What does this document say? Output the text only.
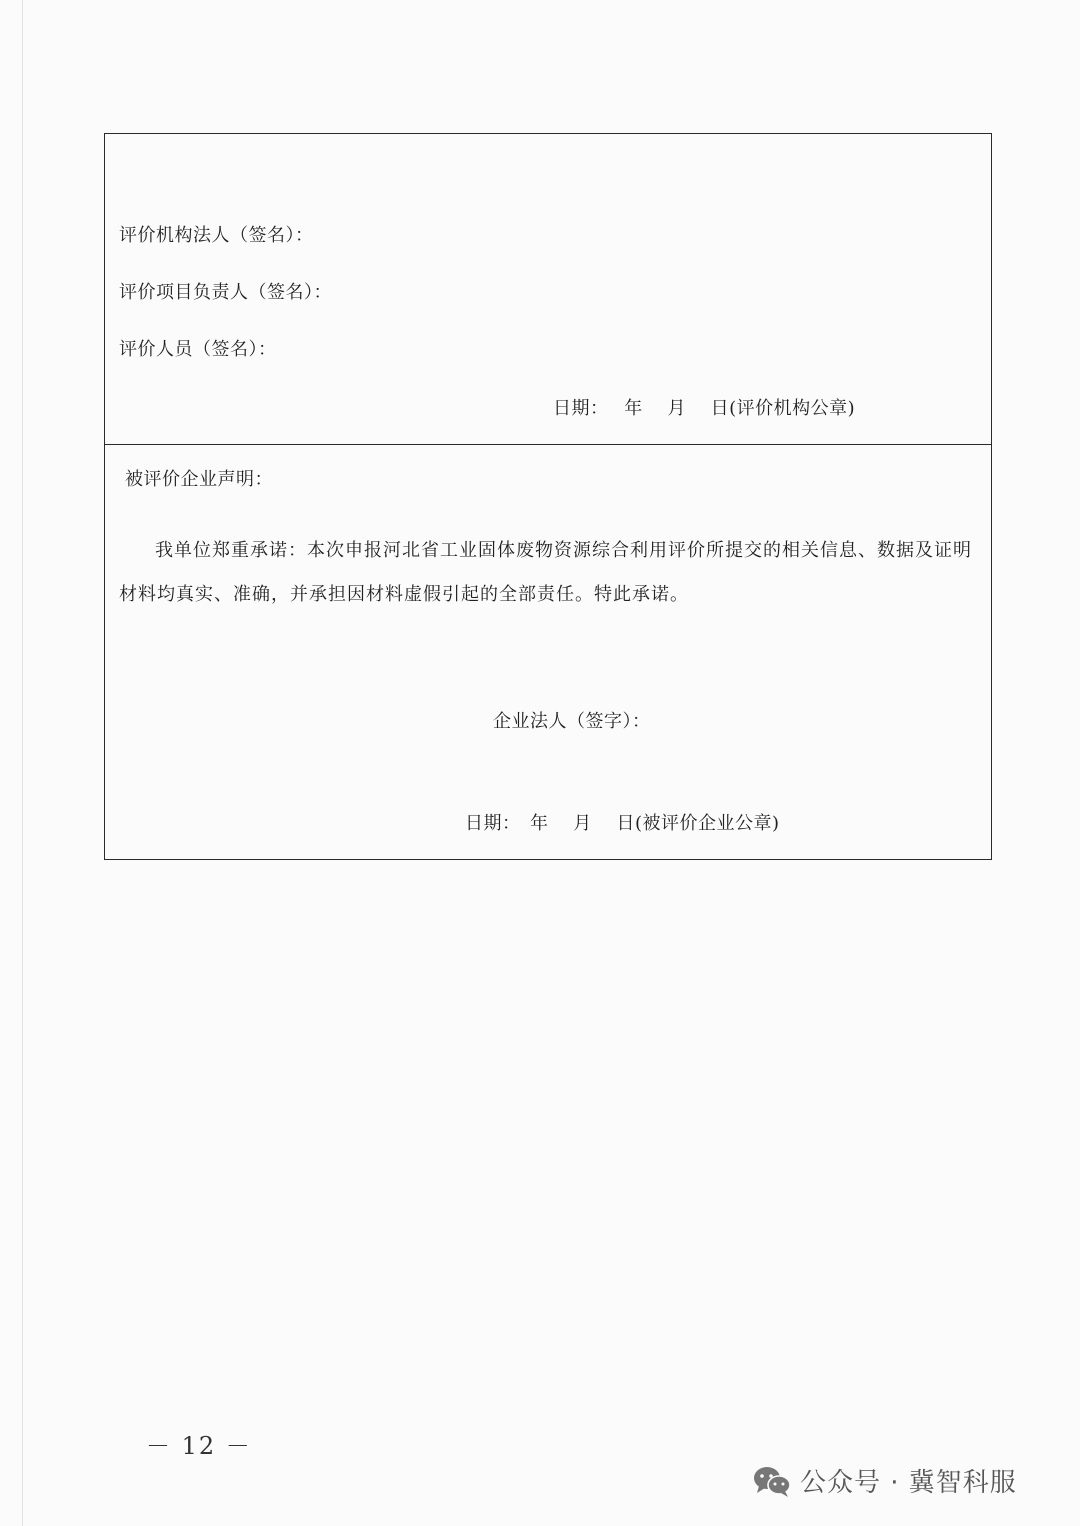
评价机构法人（签名）：
评价项目负责人（签名）：
评价人员（签名）：
日期：　 年　 月　 日(评价机构公章)
被评价企业声明：
我单位郑重承诺：本次申报河北省工业固体废物资源综合利用评价所提交的相关信息、数据及证明材料均真实、准确，并承担因材料虚假引起的全部责任。特此承诺。
企业法人（签字）：
日期：　年　 月　 日(被评价企业公章)
－ 12 －
公众号 · 冀智科服
